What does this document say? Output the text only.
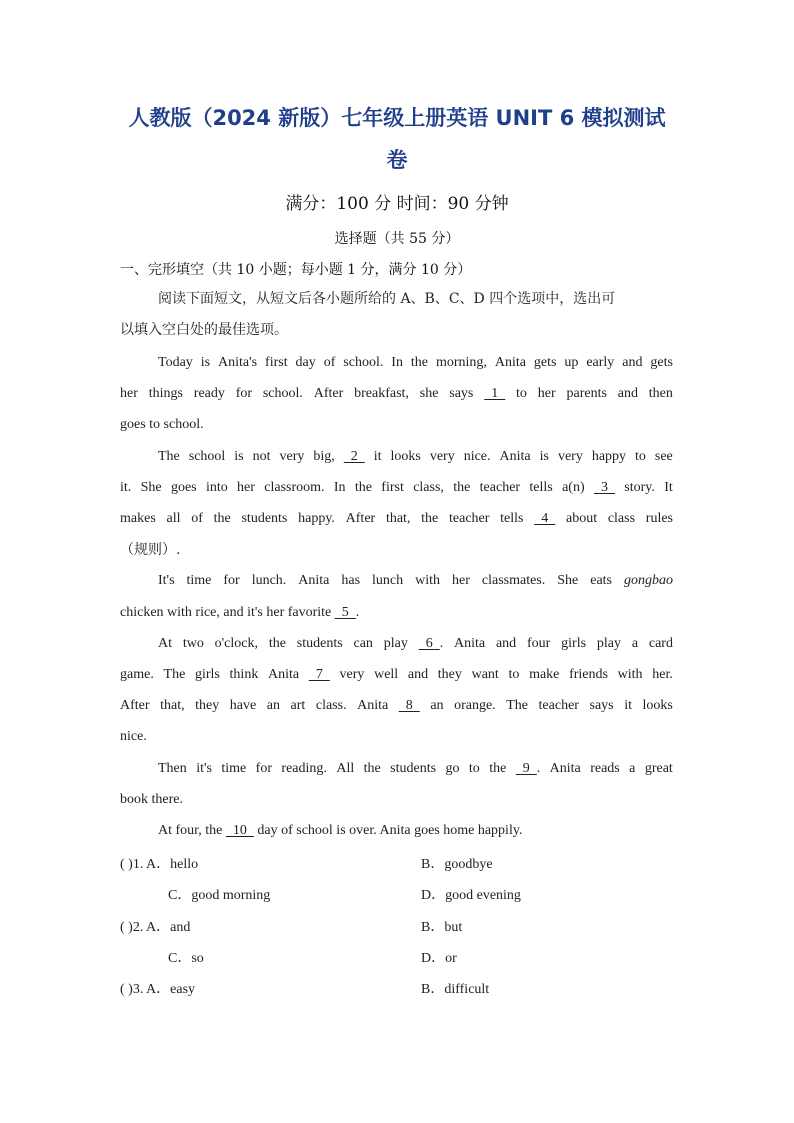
人教版（2024 新版）七年级上册英语 UNIT 6 模拟测试
卷
满分：100 分 时间：90 分钟
选择题（共 55 分）
一、完形填空（共 10 小题；每小题 1 分，满分 10 分）
阅读下面短文，从短文后各小题所给的 A、B、C、D 四个选项中，选出可
以填入空白处的最佳选项。
Today is Anita's first day of school. In the morning, Anita gets up early and gets
her things ready for school. After breakfast, she says 1 to her parents and then
goes to school.
The school is not very big, 2 it looks very nice. Anita is very happy to see
it. She goes into her classroom. In the first class, the teacher tells a(n) 3 story. It
makes all of the students happy. After that, the teacher tells 4 about class rules
（规则）.
It's time for lunch. Anita has lunch with her classmates. She eats gongbao
chicken with rice, and it's her favorite   5  .
At two o'clock, the students can play 6  . Anita and four girls play a card
game. The girls think Anita 7 very well and they want to make friends with her.
After that, they have an art class. Anita 8 an orange. The teacher says it looks
nice.
Then it's time for reading. All the students go to the 9  . Anita reads a great
book there.
At four, the   10   day of school is over. Anita goes home happily.
( )1. A．hello	B．goodbye
C．good morning	D．good evening
( )2. A．and	B．but
C．so	D．or
( )3. A．easy	B．difficult
